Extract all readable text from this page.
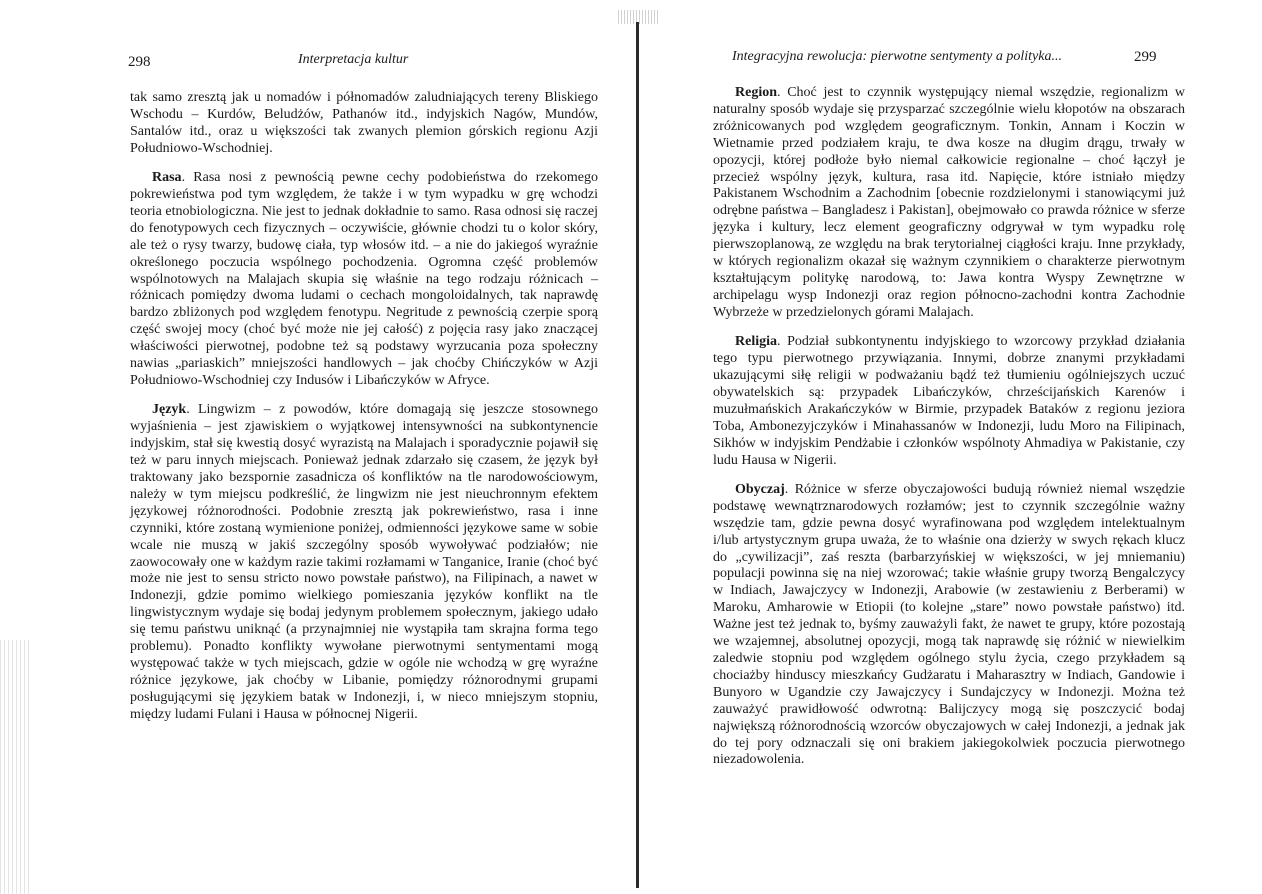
298	Interpretacja kultur

tak samo zresztą jak u nomadów i półnomadów zaludniających tereny Bliskiego Wschodu – Kurdów, Beludżów, Pathanów itd., indyjskich Nagów, Mundów, Santalów itd., oraz u większości tak zwanych plemion górskich regionu Azji Południowo-Wschodniej.

Rasa. Rasa nosi z pewnością pewne cechy podobieństwa do rzekomego pokrewieństwa pod tym względem, że także i w tym wypadku w grę wchodzi teoria etnobiologiczna. Nie jest to jednak dokładnie to samo. Rasa odnosi się raczej do fenotypowych cech fizycznych – oczywiście, głównie chodzi tu o kolor skóry, ale też o rysy twarzy, budowę ciała, typ włosów itd. – a nie do jakiegoś wyraźnie określonego poczucia wspólnego pochodzenia. Ogromna część problemów wspólnotowych na Malajach skupia się właśnie na tego rodzaju różnicach – różnicach pomiędzy dwoma ludami o cechach mongoloidalnych, tak naprawdę bardzo zbliżonych pod względem fenotypu. Negritude z pewnością czerpie sporą część swojej mocy (choć być może nie jej całość) z pojęcia rasy jako znaczącej właściwości pierwotnej, podobne też są podstawy wyrzucania poza społeczny nawias „pariaskich” mniejszości handlowych – jak choćby Chińczyków w Azji Południowo-Wschodniej czy Indusów i Libańczyków w Afryce.

Język. Lingwizm – z powodów, które domagają się jeszcze stosownego wyjaśnienia – jest zjawiskiem o wyjątkowej intensywności na subkontynencie indyjskim, stał się kwestią dosyć wyrazistą na Malajach i sporadycznie pojawił się też w paru innych miejscach. Ponieważ jednak zdarzało się czasem, że język był traktowany jako bezspornie zasadnicza oś konfliktów na tle narodowościowym, należy w tym miejscu podkreślić, że lingwizm nie jest nieuchronnym efektem językowej różnorodności. Podobnie zresztą jak pokrewieństwo, rasa i inne czynniki, które zostaną wymienione poniżej, odmienności językowe same w sobie wcale nie muszą w jakiś szczególny sposób wywoływać podziałów; nie zaowocowały one w każdym razie takimi rozłamami w Tanganice, Iranie (choć być może nie jest to sensu stricto nowo powstałe państwo), na Filipinach, a nawet w Indonezji, gdzie pomimo wielkiego pomieszania języków konflikt na tle lingwistycznym wydaje się bodaj jedynym problemem społecznym, jakiego udało się temu państwu uniknąć (a przynajmniej nie wystąpiła tam skrajna forma tego problemu). Ponadto konflikty wywołane pierwotnymi sentymentami mogą występować także w tych miejscach, gdzie w ogóle nie wchodzą w grę wyraźne różnice językowe, jak choćby w Libanie, pomiędzy różnorodnymi grupami posługującymi się językiem batak w Indonezji, i, w nieco mniejszym stopniu, między ludami Fulani i Hausa w północnej Nigerii.

Integracyjna rewolucja: pierwotne sentymenty a polityka...	299

Region. Choć jest to czynnik występujący niemal wszędzie, regionalizm w naturalny sposób wydaje się przysparzać szczególnie wielu kłopotów na obszarach zróżnicowanych pod względem geograficznym. Tonkin, Annam i Koczin w Wietnamie przed podziałem kraju, te dwa kosze na długim drągu, trwały w opozycji, której podłoże było niemal całkowicie regionalne – choć łączył je przecież wspólny język, kultura, rasa itd. Napięcie, które istniało między Pakistanem Wschodnim a Zachodnim [obecnie rozdzielonymi i stanowiącymi już odrębne państwa – Bangladesz i Pakistan], obejmowało co prawda różnice w sferze języka i kultury, lecz element geograficzny odgrywał w tym wypadku rolę pierwszoplanową, ze względu na brak terytorialnej ciągłości kraju. Inne przykłady, w których regionalizm okazał się ważnym czynnikiem o charakterze pierwotnym kształtującym politykę narodową, to: Jawa kontra Wyspy Zewnętrzne w archipelagu wysp Indonezji oraz region północno-zachodni kontra Zachodnie Wybrzeże w przedzielonych górami Malajach.

Religia. Podział subkontynentu indyjskiego to wzorcowy przykład działania tego typu pierwotnego przywiązania. Innymi, dobrze znanymi przykładami ukazującymi siłę religii w podważaniu bądź też tłumieniu ogólniejszych uczuć obywatelskich są: przypadek Libańczyków, chrześcijańskich Karenów i muzułmańskich Arakańczyków w Birmie, przypadek Bataków z regionu jeziora Toba, Ambonezyjczyków i Minahassanów w Indonezji, ludu Moro na Filipinach, Sikhów w indyjskim Pendżabie i członków wspólnoty Ahmadiya w Pakistanie, czy ludu Hausa w Nigerii.

Obyczaj. Różnice w sferze obyczajowości budują również niemal wszędzie podstawę wewnątrznarodowych rozłamów; jest to czynnik szczególnie ważny wszędzie tam, gdzie pewna dosyć wyrafinowana pod względem intelektualnym i/lub artystycznym grupa uważa, że to właśnie ona dzierży w swych rękach klucz do „cywilizacji”, zaś reszta (barbarzyńskiej w większości, w jej mniemaniu) populacji powinna się na niej wzorować; takie właśnie grupy tworzą Bengalczycy w Indiach, Jawajczycy w Indonezji, Arabowie (w zestawieniu z Berberami) w Maroku, Amharowie w Etiopii (to kolejne „stare” nowo powstałe państwo) itd. Ważne jest też jednak to, byśmy zauważyli fakt, że nawet te grupy, które pozostają we wzajemnej, absolutnej opozycji, mogą tak naprawdę się różnić w niewielkim zaledwie stopniu pod względem ogólnego stylu życia, czego przykładem są chociażby hinduscy mieszkańcy Gudżaratu i Maharasztry w Indiach, Gandowie i Bunyoro w Ugandzie czy Jawajczycy i Sundajczycy w Indonezji. Można też zauważyć prawidłowość odwrotną: Balijczycy mogą się poszczycić bodaj największą różnorodnością wzorców obyczajowych w całej Indonezji, a jednak jak do tej pory odznaczali się oni brakiem jakiegokolwiek poczucia pierwotnego niezadowolenia.
